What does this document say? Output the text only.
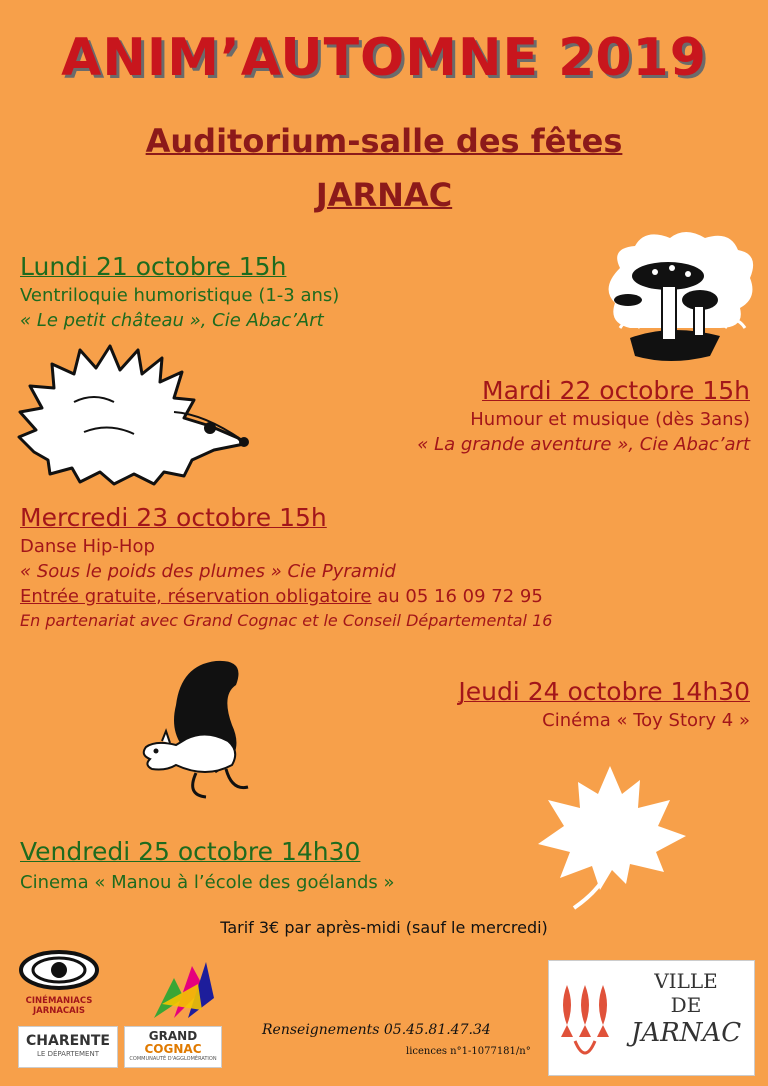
ANIM’AUTOMNE 2019
Auditorium-salle des fêtes
JARNAC
Lundi 21 octobre 15h
Ventriloquie humoristique (1-3 ans)
« Le petit château », Cie Abac’Art
Mardi 22 octobre 15h
Humour et musique (dès 3ans)
« La grande aventure », Cie Abac’art
Mercredi 23 octobre 15h
Danse Hip-Hop
« Sous le poids des plumes » Cie Pyramid
Entrée gratuite, réservation obligatoire au 05 16 09 72 95
En partenariat avec Grand Cognac et le Conseil Départemental 16
Jeudi 24 octobre 14h30
Cinéma « Toy Story 4 »
Vendredi 25 octobre 14h30
Cinema « Manou à l’école des goélands »
Tarif 3€ par après-midi (sauf le mercredi)
CINÉMANIACS JARNACAIS
CHARENTE
LE DÉPARTEMENT
GRAND
COGNAC
COMMUNAUTÉ D'AGGLOMÉRATION
Renseignements 05.45.81.47.34
licences n°1-1077181/n°
VILLE
DE
JARNAC
